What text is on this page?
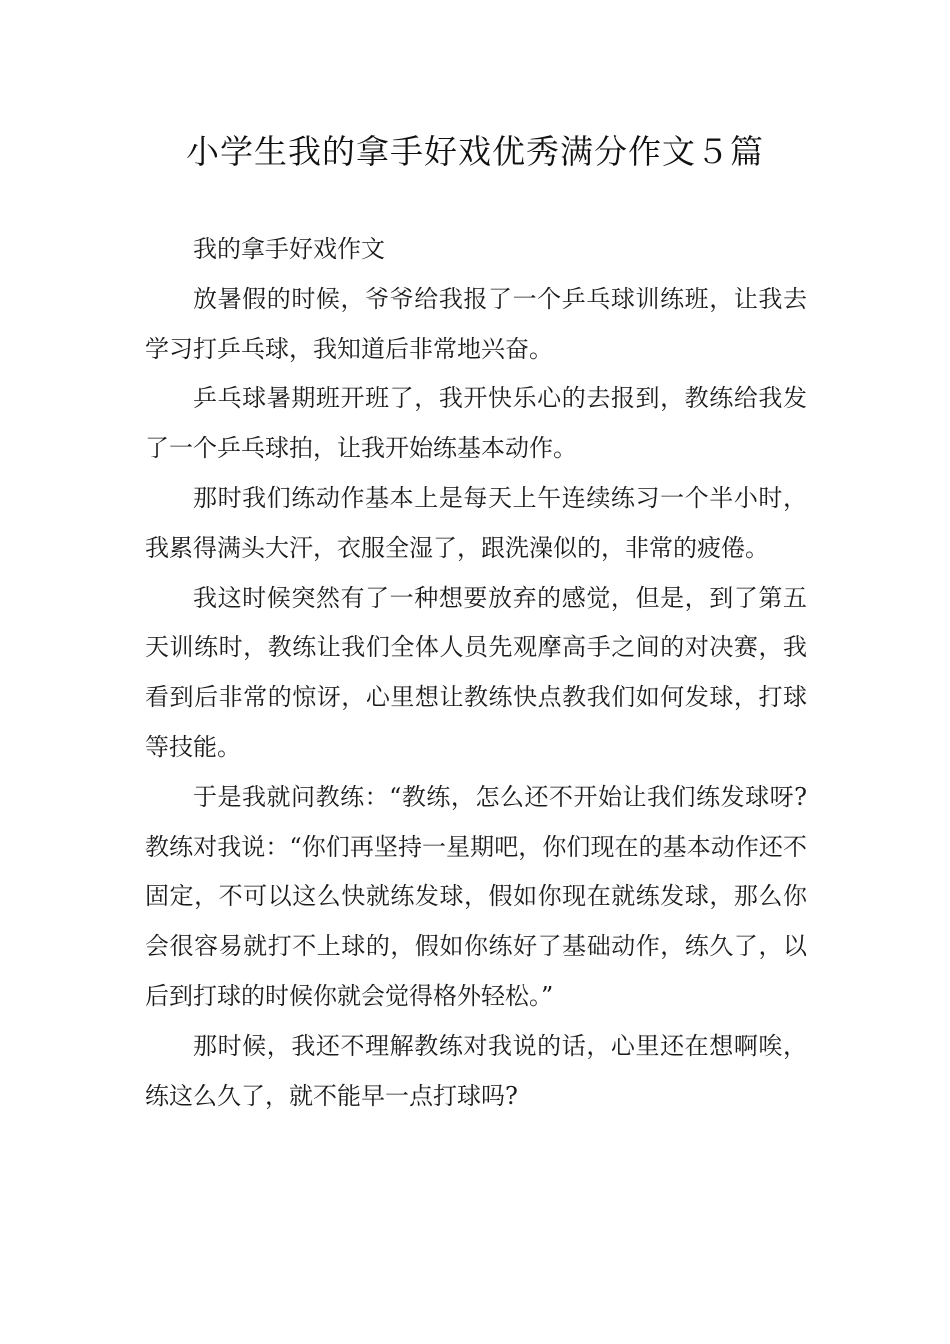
小学生我的拿手好戏优秀满分作文５篇

我的拿手好戏作文

放暑假的时候，爷爷给我报了一个乒乓球训练班，让我去学习打乒乓球，我知道后非常地兴奋。

乒乓球暑期班开班了，我开快乐心的去报到，教练给我发了一个乒乓球拍，让我开始练基本动作。

那时我们练动作基本上是每天上午连续练习一个半小时，我累得满头大汗，衣服全湿了，跟洗澡似的，非常的疲倦。

我这时候突然有了一种想要放弃的感觉，但是，到了第五天训练时，教练让我们全体人员先观摩高手之间的对决赛，我看到后非常的惊讶，心里想让教练快点教我们如何发球，打球等技能。

于是我就问教练：“教练，怎么还不开始让我们练发球呀?教练对我说：“你们再坚持一星期吧，你们现在的基本动作还不固定，不可以这么快就练发球，假如你现在就练发球，那么你会很容易就打不上球的，假如你练好了基础动作，练久了，以后到打球的时候你就会觉得格外轻松。”

那时候，我还不理解教练对我说的话，心里还在想啊唉，练这么久了，就不能早一点打球吗?
